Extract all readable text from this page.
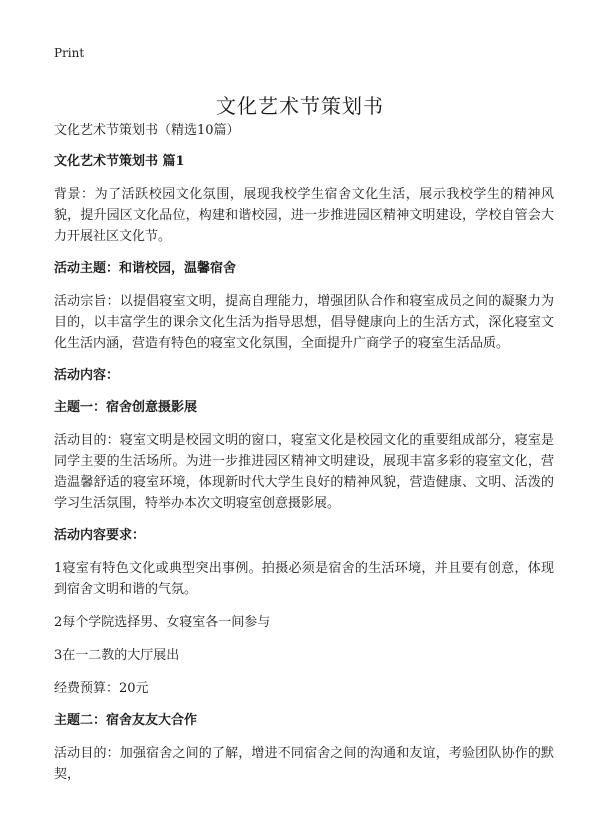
Print
文化艺术节策划书

文化艺术节策划书（精选10篇）

文化艺术节策划书 篇1

背景：为了活跃校园文化氛围，展现我校学生宿舍文化生活，展示我校学生的精神风貌，提升园区文化品位，构建和谐校园，进一步推进园区精神文明建设，学校自管会大力开展社区文化节。

活动主题：和谐校园，温馨宿舍

活动宗旨：以提倡寝室文明，提高自理能力，增强团队合作和寝室成员之间的凝聚力为目的，以丰富学生的课余文化生活为指导思想，倡导健康向上的生活方式，深化寝室文化生活内涵，营造有特色的寝室文化氛围，全面提升广商学子的寝室生活品质。

活动内容：

主题一：宿舍创意摄影展

活动目的：寝室文明是校园文明的窗口，寝室文化是校园文化的重要组成部分，寝室是同学主要的生活场所。为进一步推进园区精神文明建设，展现丰富多彩的寝室文化，营造温馨舒适的寝室环境，体现新时代大学生良好的精神风貌，营造健康、文明、活泼的学习生活氛围，特举办本次文明寝室创意摄影展。

活动内容要求：

1寝室有特色文化或典型突出事例。拍摄必须是宿舍的生活环境，并且要有创意，体现到宿舍文明和谐的气氛。

2每个学院选择男、女寝室各一间参与

3在一二教的大厅展出

经费预算：20元

主题二：宿舍友友大合作

活动目的：加强宿舍之间的了解，增进不同宿舍之间的沟通和友谊，考验团队协作的默契，
